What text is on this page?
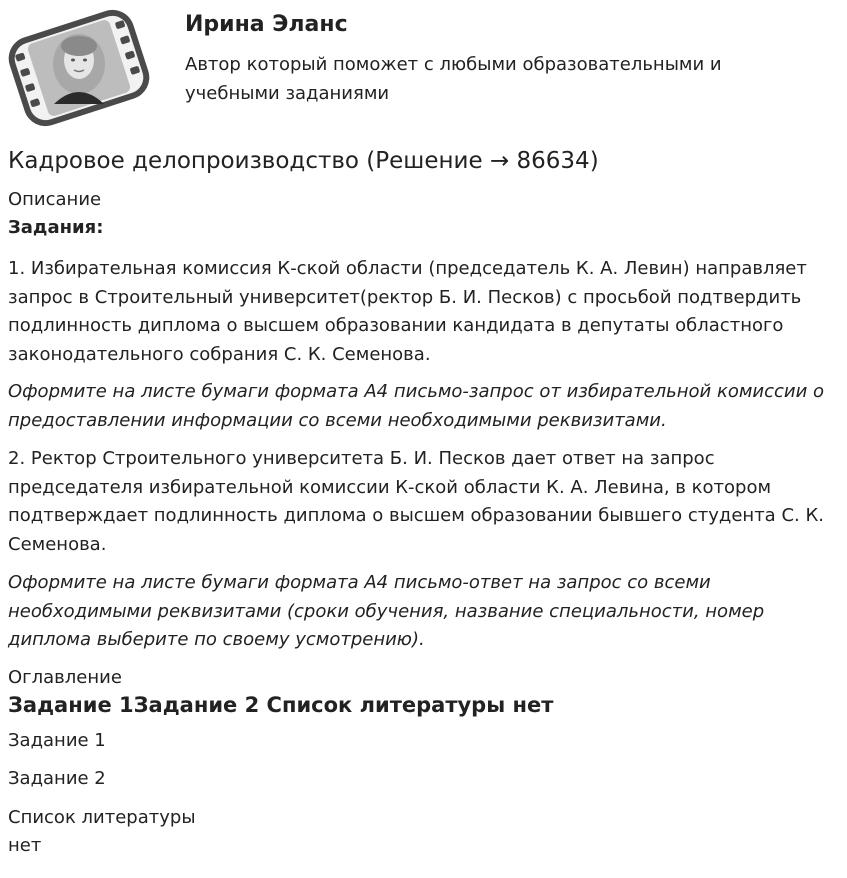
Ирина Эланс
Автор который поможет с любыми образовательными и учебными заданиями
Кадровое делопроизводство (Решение → 86634)
Описание
Задания:

1. Избирательная комиссия К-ской области (председатель К. А. Левин) направляет запрос в Строительный университет(ректор Б. И. Песков) с просьбой подтвердить подлинность диплома о высшем образовании кандидата в депутаты областного законодательного собрания С. К. Семенова.

Оформите на листе бумаги формата А4 письмо-запрос от избирательной комиссии о предоставлении информации со всеми необходимыми реквизитами.

2. Ректор Строительного университета Б. И. Песков дает ответ на запрос председателя избирательной комиссии К-ской области К. А. Левина, в котором подтверждает подлинность диплома о высшем образовании бывшего студента С. К. Семенова.

Оформите на листе бумаги формата А4 письмо-ответ на запрос со всеми необходимыми реквизитами (сроки обучения, название специальности, номер диплома выберите по своему усмотрению).

Оглавление
Задание 1Задание 2 Список литературы нет
Задание 1
Задание 2
Список литературы
нет
